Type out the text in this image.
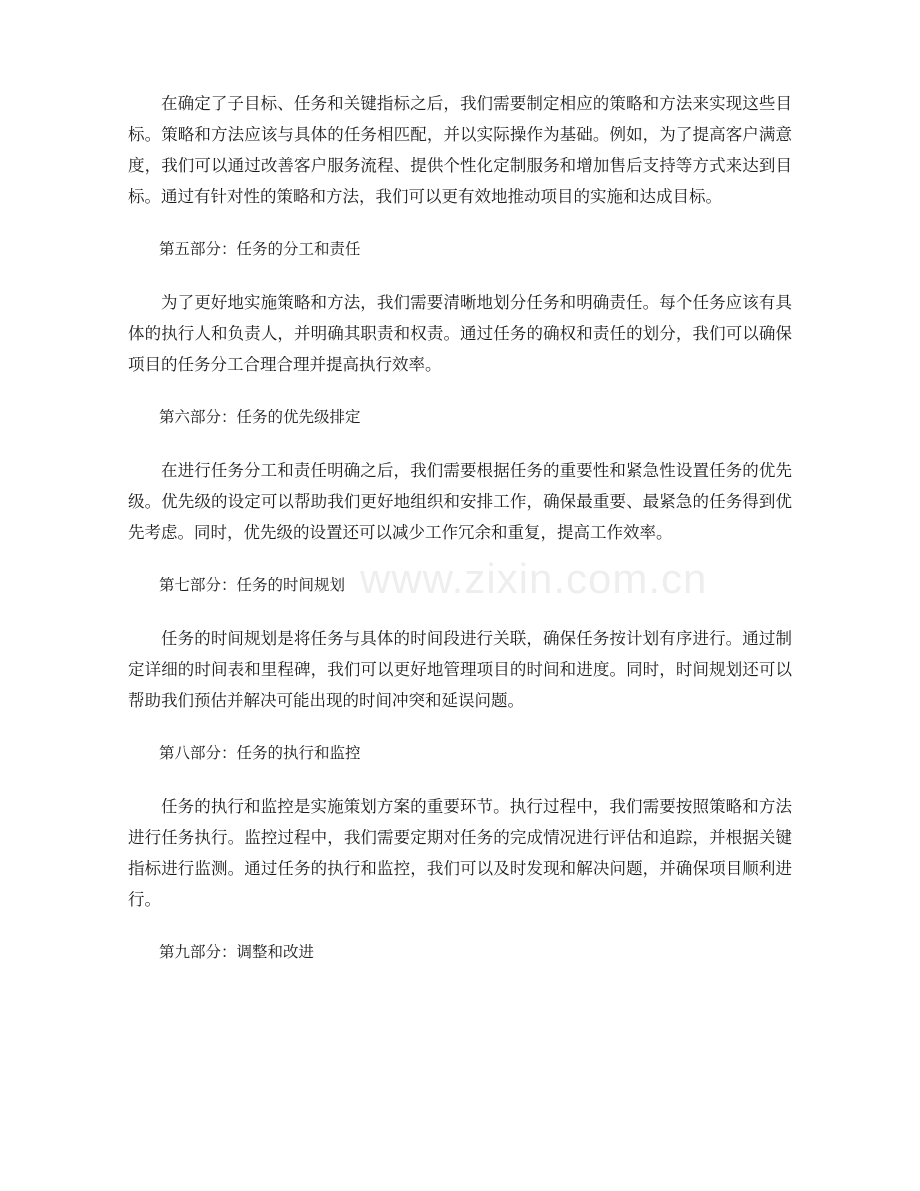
在确定了子目标、任务和关键指标之后，我们需要制定相应的策略和方法来实现这些目标。策略和方法应该与具体的任务相匹配，并以实际操作为基础。例如，为了提高客户满意度，我们可以通过改善客户服务流程、提供个性化定制服务和增加售后支持等方式来达到目标。通过有针对性的策略和方法，我们可以更有效地推动项目的实施和达成目标。

第五部分：任务的分工和责任

为了更好地实施策略和方法，我们需要清晰地划分任务和明确责任。每个任务应该有具体的执行人和负责人，并明确其职责和权责。通过任务的确权和责任的划分，我们可以确保项目的任务分工合理合理并提高执行效率。

第六部分：任务的优先级排定

在进行任务分工和责任明确之后，我们需要根据任务的重要性和紧急性设置任务的优先级。优先级的设定可以帮助我们更好地组织和安排工作，确保最重要、最紧急的任务得到优先考虑。同时，优先级的设置还可以减少工作冗余和重复，提高工作效率。

第七部分：任务的时间规划

任务的时间规划是将任务与具体的时间段进行关联，确保任务按计划有序进行。通过制定详细的时间表和里程碑，我们可以更好地管理项目的时间和进度。同时，时间规划还可以帮助我们预估并解决可能出现的时间冲突和延误问题。

第八部分：任务的执行和监控

任务的执行和监控是实施策划方案的重要环节。执行过程中，我们需要按照策略和方法进行任务执行。监控过程中，我们需要定期对任务的完成情况进行评估和追踪，并根据关键指标进行监测。通过任务的执行和监控，我们可以及时发现和解决问题，并确保项目顺利进行。

第九部分：调整和改进

www.zixin.com.cn
